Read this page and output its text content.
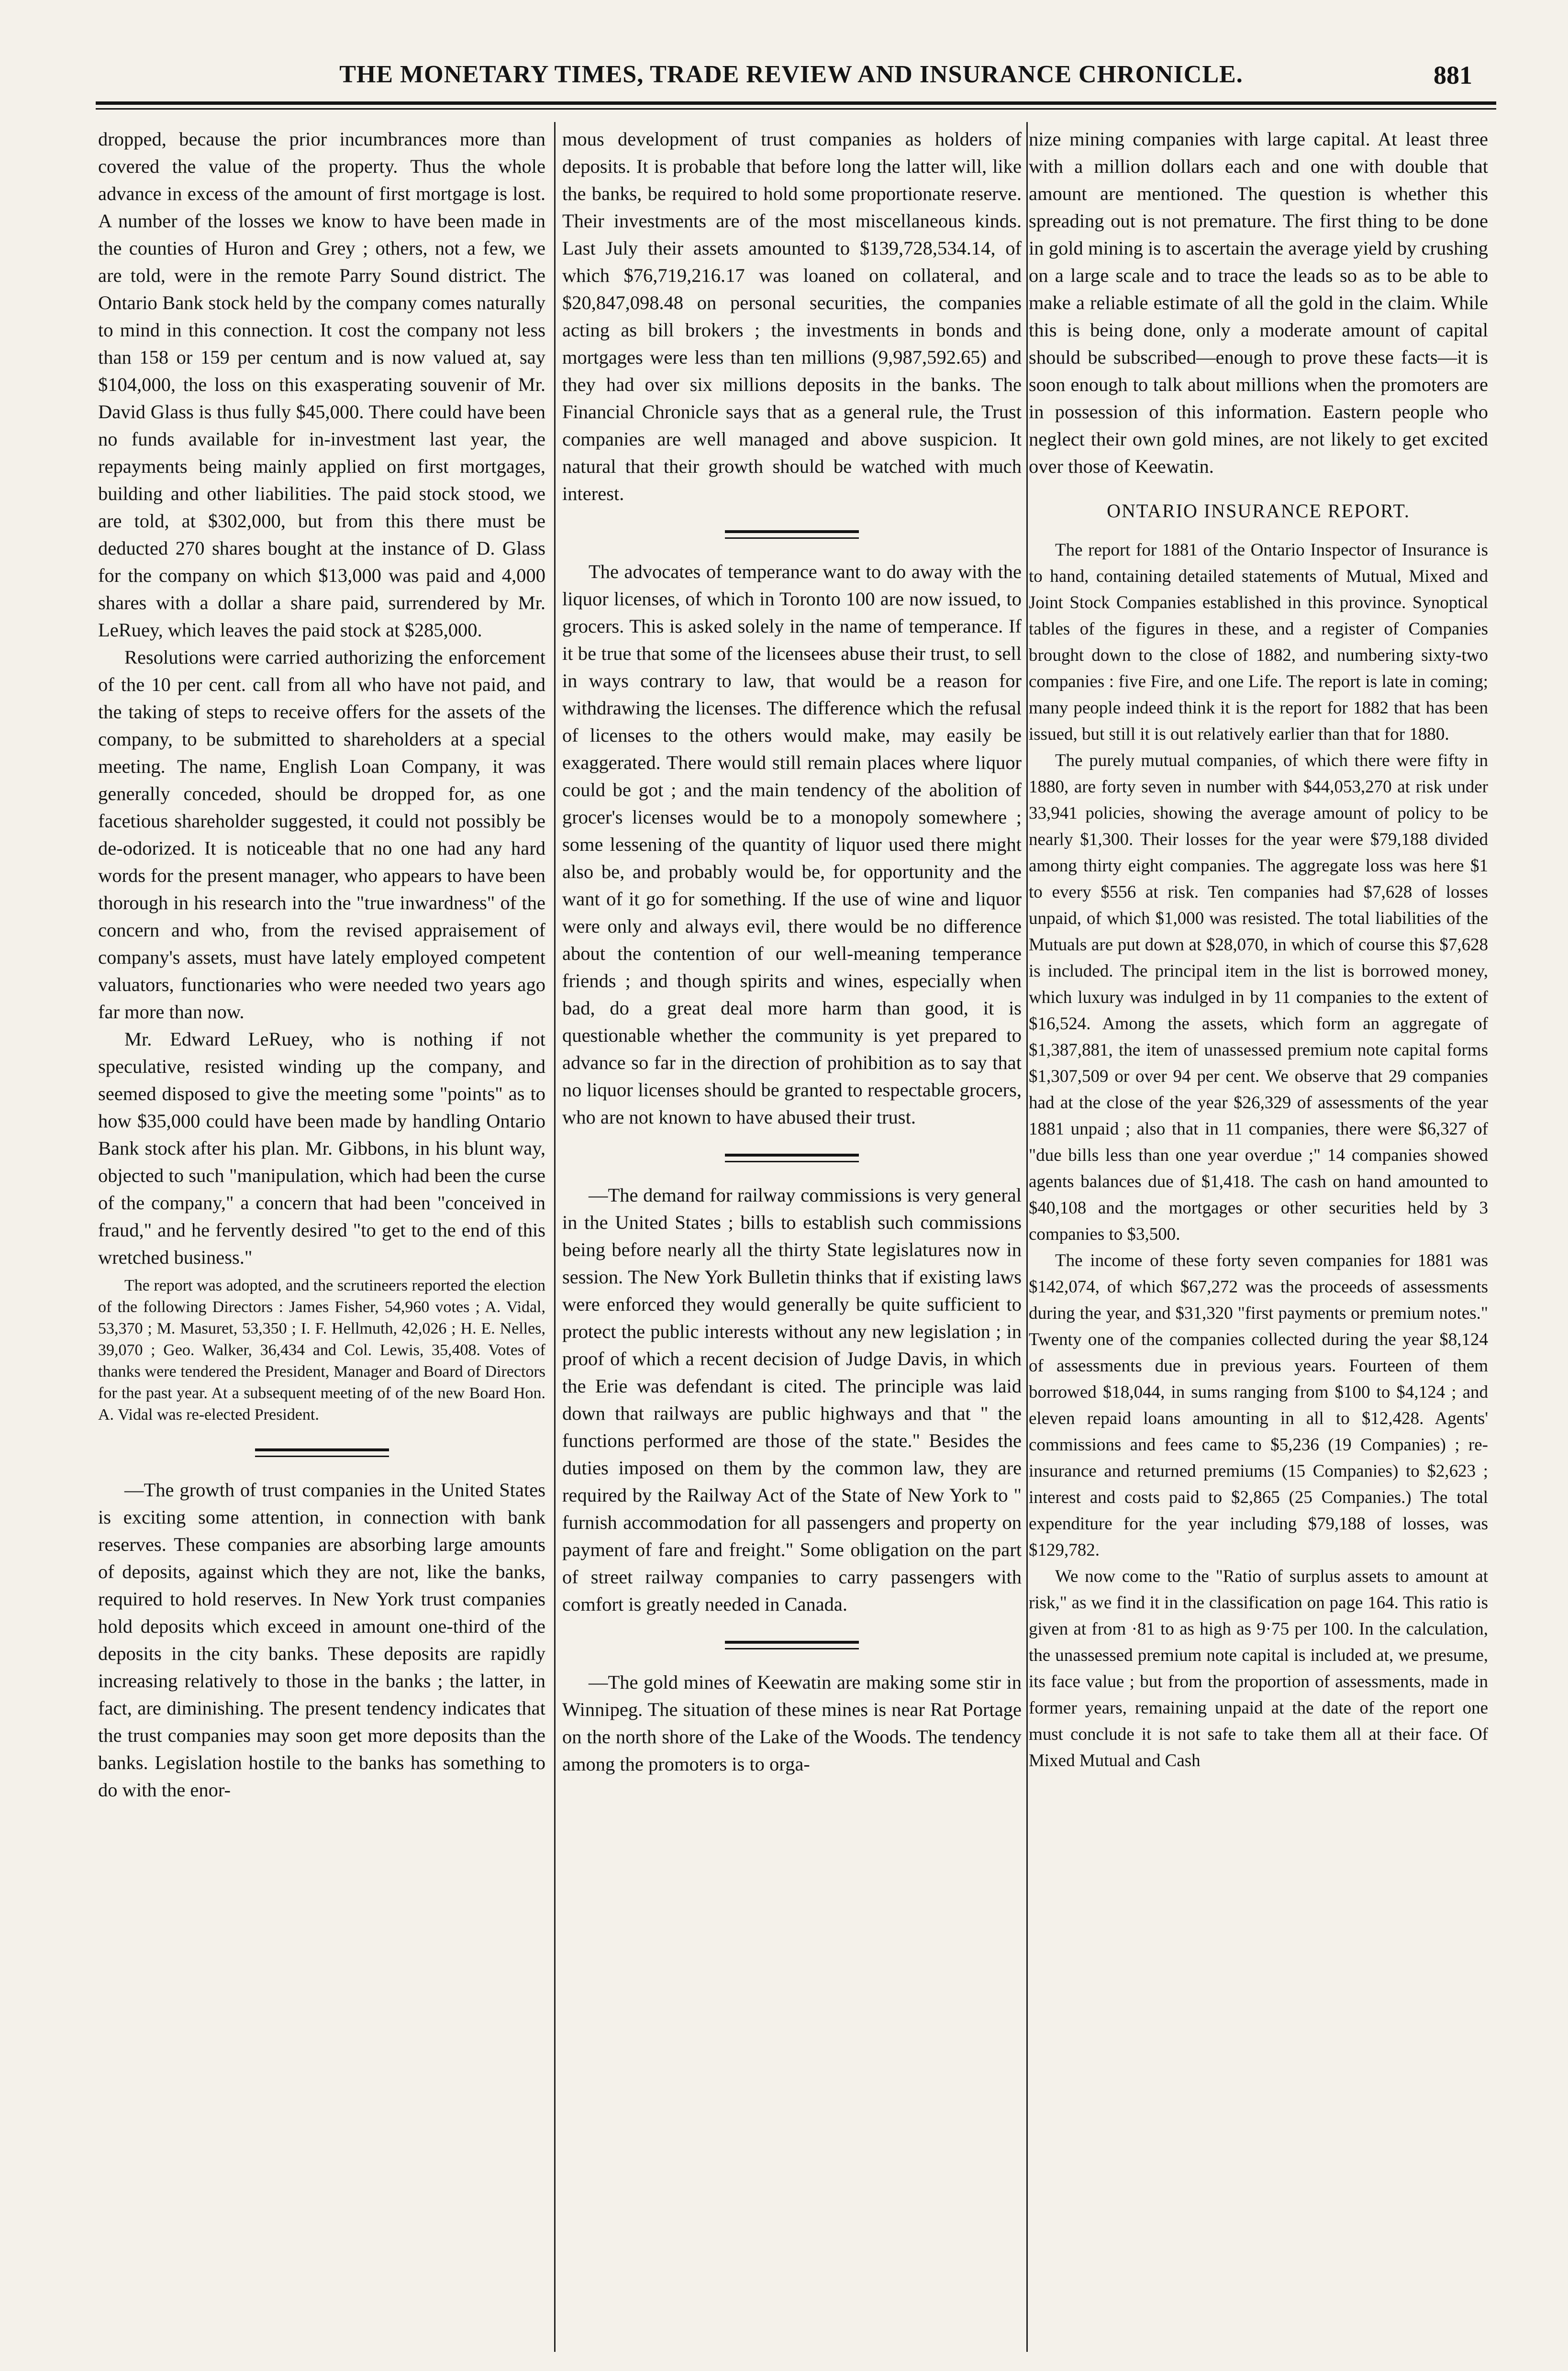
THE MONETARY TIMES, TRADE REVIEW AND INSURANCE CHRONICLE.	881

dropped, because the prior incumbrances more than covered the value of the property. Thus the whole advance in excess of the amount of first mortgage is lost. A number of the losses we know to have been made in the counties of Huron and Grey ; others, not a few, we are told, were in the remote Parry Sound district. The Ontario Bank stock held by the company comes naturally to mind in this connection. It cost the company not less than 158 or 159 per centum and is now valued at, say $104,000, the loss on this exasperating souvenir of Mr. David Glass is thus fully $45,000. There could have been no funds available for in-investment last year, the repayments being mainly applied on first mortgages, building and other liabilities. The paid stock stood, we are told, at $302,000, but from this there must be deducted 270 shares bought at the instance of D. Glass for the company on which $13,000 was paid and 4,000 shares with a dollar a share paid, surrendered by Mr. LeRuey, which leaves the paid stock at $285,000.

Resolutions were carried authorizing the enforcement of the 10 per cent. call from all who have not paid, and the taking of steps to receive offers for the assets of the company, to be submitted to shareholders at a special meeting. The name, English Loan Company, it was generally conceded, should be dropped for, as one facetious shareholder suggested, it could not possibly be de-odorized. It is noticeable that no one had any hard words for the present manager, who appears to have been thorough in his research into the "true inwardness" of the concern and who, from the revised appraisement of company's assets, must have lately employed competent valuators, functionaries who were needed two years ago far more than now.

Mr. Edward LeRuey, who is nothing if not speculative, resisted winding up the company, and seemed disposed to give the meeting some "points" as to how $35,000 could have been made by handling Ontario Bank stock after his plan. Mr. Gibbons, in his blunt way, objected to such "manipulation, which had been the curse of the company," a concern that had been "conceived in fraud," and he fervently desired "to get to the end of this wretched business."

The report was adopted, and the scrutineers reported the election of the following Directors : James Fisher, 54,960 votes ; A. Vidal, 53,370 ; M. Masuret, 53,350 ; I. F. Hellmuth, 42,026 ; H. E. Nelles, 39,070 ; Geo. Walker, 36,434 and Col. Lewis, 35,408. Votes of thanks were tendered the President, Manager and Board of Directors for the past year. At a subsequent meeting of of the new Board Hon. A. Vidal was re-elected President.

—The growth of trust companies in the United States is exciting some attention, in connection with bank reserves. These companies are absorbing large amounts of deposits, against which they are not, like the banks, required to hold reserves. In New York trust companies hold deposits which exceed in amount one-third of the deposits in the city banks. These deposits are rapidly increasing relatively to those in the banks ; the latter, in fact, are diminishing. The present tendency indicates that the trust companies may soon get more deposits than the banks. Legislation hostile to the banks has something to do with the enor-

mous development of trust companies as holders of deposits. It is probable that before long the latter will, like the banks, be required to hold some proportionate reserve. Their investments are of the most miscellaneous kinds. Last July their assets amounted to $139,728,534.14, of which $76,719,216.17 was loaned on collateral, and $20,847,098.48 on personal securities, the companies acting as bill brokers ; the investments in bonds and mortgages were less than ten millions (9,987,592.65) and they had over six millions deposits in the banks. The Financial Chronicle says that as a general rule, the Trust companies are well managed and above suspicion. It natural that their growth should be watched with much interest.

The advocates of temperance want to do away with the liquor licenses, of which in Toronto 100 are now issued, to grocers. This is asked solely in the name of temperance. If it be true that some of the licensees abuse their trust, to sell in ways contrary to law, that would be a reason for withdrawing the licenses. The difference which the refusal of licenses to the others would make, may easily be exaggerated. There would still remain places where liquor could be got ; and the main tendency of the abolition of grocer's licenses would be to a monopoly somewhere ; some lessening of the quantity of liquor used there might also be, and probably would be, for opportunity and the want of it go for something. If the use of wine and liquor were only and always evil, there would be no difference about the contention of our well-meaning temperance friends ; and though spirits and wines, especially when bad, do a great deal more harm than good, it is questionable whether the community is yet prepared to advance so far in the direction of prohibition as to say that no liquor licenses should be granted to respectable grocers, who are not known to have abused their trust.

—The demand for railway commissions is very general in the United States ; bills to establish such commissions being before nearly all the thirty State legislatures now in session. The New York Bulletin thinks that if existing laws were enforced they would generally be quite sufficient to protect the public interests without any new legislation ; in proof of which a recent decision of Judge Davis, in which the Erie was defendant is cited. The principle was laid down that railways are public highways and that " the functions performed are those of the state." Besides the duties imposed on them by the common law, they are required by the Railway Act of the State of New York to " furnish accommodation for all passengers and property on payment of fare and freight." Some obligation on the part of street railway companies to carry passengers with comfort is greatly needed in Canada.

—The gold mines of Keewatin are making some stir in Winnipeg. The situation of these mines is near Rat Portage on the north shore of the Lake of the Woods. The tendency among the promoters is to orga-

nize mining companies with large capital. At least three with a million dollars each and one with double that amount are mentioned. The question is whether this spreading out is not premature. The first thing to be done in gold mining is to ascertain the average yield by crushing on a large scale and to trace the leads so as to be able to make a reliable estimate of all the gold in the claim. While this is being done, only a moderate amount of capital should be subscribed—enough to prove these facts—it is soon enough to talk about millions when the promoters are in possession of this information. Eastern people who neglect their own gold mines, are not likely to get excited over those of Keewatin.

ONTARIO INSURANCE REPORT.

The report for 1881 of the Ontario Inspector of Insurance is to hand, containing detailed statements of Mutual, Mixed and Joint Stock Companies established in this province. Synoptical tables of the figures in these, and a register of Companies brought down to the close of 1882, and numbering sixty-two companies : five Fire, and one Life. The report is late in coming; many people indeed think it is the report for 1882 that has been issued, but still it is out relatively earlier than that for 1880.

The purely mutual companies, of which there were fifty in 1880, are forty seven in number with $44,053,270 at risk under 33,941 policies, showing the average amount of policy to be nearly $1,300. Their losses for the year were $79,188 divided among thirty eight companies. The aggregate loss was here $1 to every $556 at risk. Ten companies had $7,628 of losses unpaid, of which $1,000 was resisted. The total liabilities of the Mutuals are put down at $28,070, in which of course this $7,628 is included. The principal item in the list is borrowed money, which luxury was indulged in by 11 companies to the extent of $16,524. Among the assets, which form an aggregate of $1,387,881, the item of unassessed premium note capital forms $1,307,509 or over 94 per cent. We observe that 29 companies had at the close of the year $26,329 of assessments of the year 1881 unpaid ; also that in 11 companies, there were $6,327 of "due bills less than one year overdue ;" 14 companies showed agents balances due of $1,418. The cash on hand amounted to $40,108 and the mortgages or other securities held by 3 companies to $3,500.

The income of these forty seven companies for 1881 was $142,074, of which $67,272 was the proceeds of assessments during the year, and $31,320 "first payments or premium notes." Twenty one of the companies collected during the year $8,124 of assessments due in previous years. Fourteen of them borrowed $18,044, in sums ranging from $100 to $4,124 ; and eleven repaid loans amounting in all to $12,428. Agents' commissions and fees came to $5,236 (19 Companies) ; re-insurance and returned premiums (15 Companies) to $2,623 ; interest and costs paid to $2,865 (25 Companies.) The total expenditure for the year including $79,188 of losses, was $129,782.

We now come to the "Ratio of surplus assets to amount at risk," as we find it in the classification on page 164. This ratio is given at from ·81 to as high as 9·75 per 100. In the calculation, the unassessed premium note capital is included at, we presume, its face value ; but from the proportion of assessments, made in former years, remaining unpaid at the date of the report one must conclude it is not safe to take them all at their face. Of Mixed Mutual and Cash
